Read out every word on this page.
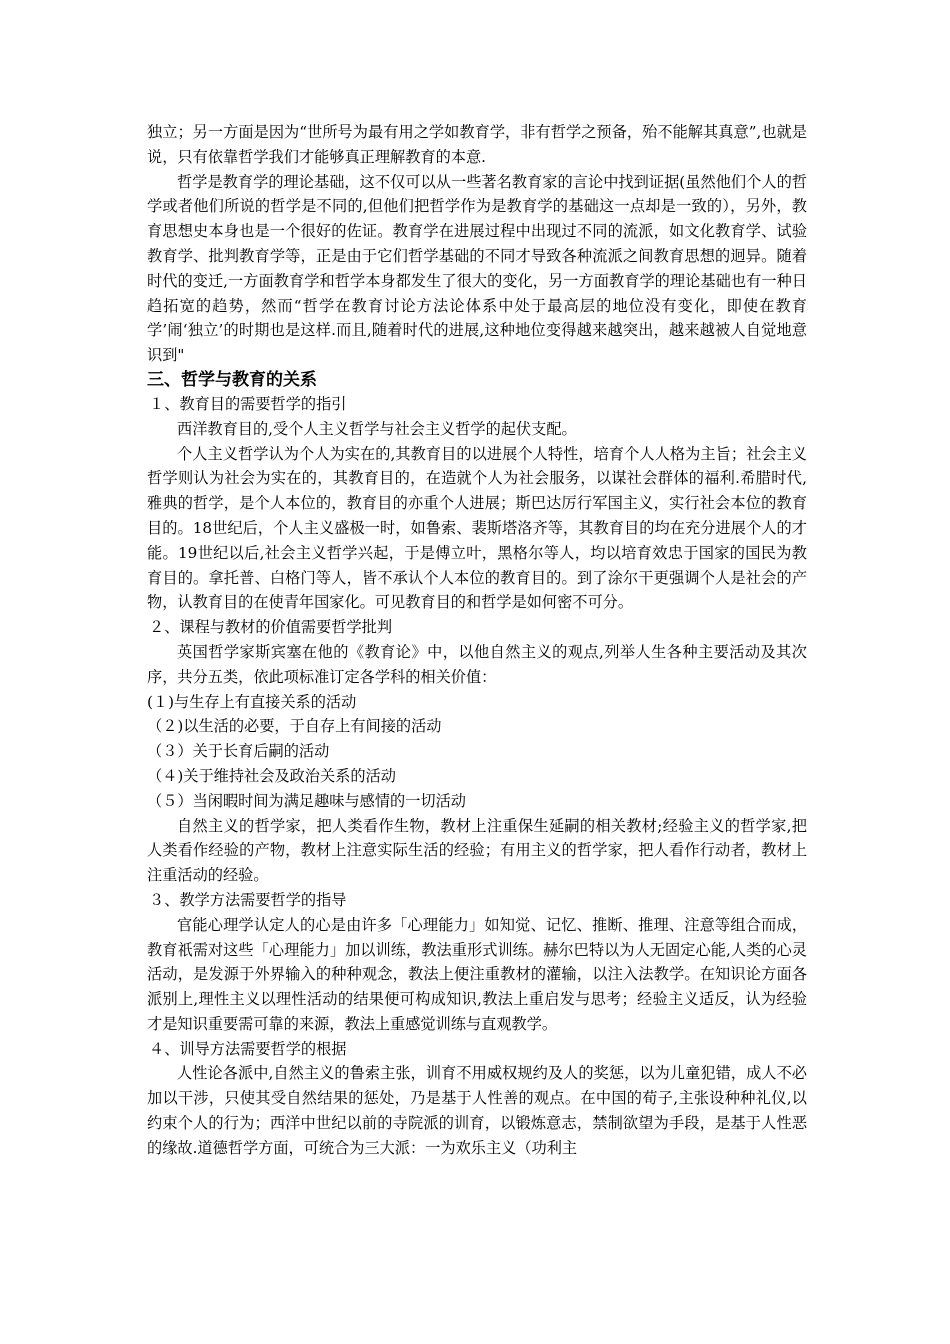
独立；另一方面是因为“世所号为最有用之学如教育学，非有哲学之预备，殆不能解其真意”,也就是说，只有依靠哲学我们才能够真正理解教育的本意.

哲学是教育学的理论基础，这不仅可以从一些著名教育家的言论中找到证据(虽然他们个人的哲学或者他们所说的哲学是不同的,但他们把哲学作为是教育学的基础这一点却是一致的），另外，教育思想史本身也是一个很好的佐证。教育学在进展过程中出现过不同的流派，如文化教育学、试验教育学、批判教育学等，正是由于它们哲学基础的不同才导致各种流派之间教育思想的迥异。随着时代的变迁,一方面教育学和哲学本身都发生了很大的变化，另一方面教育学的理论基础也有一种日趋拓宽的趋势，然而“哲学在教育讨论方法论体系中处于最高层的地位没有变化，即使在教育学’闹‘独立’的时期也是这样.而且,随着时代的进展,这种地位变得越来越突出，越来越被人自觉地意识到"

三、哲学与教育的关系

１、教育目的需要哲学的指引

西洋教育目的,受个人主义哲学与社会主义哲学的起伏支配。

个人主义哲学认为个人为实在的,其教育目的以进展个人特性，培育个人人格为主旨；社会主义哲学则认为社会为实在的，其教育目的，在造就个人为社会服务，以谋社会群体的福利.希腊时代,雅典的哲学，是个人本位的，教育目的亦重个人进展；斯巴达厉行军国主义，实行社会本位的教育目的。18世纪后，个人主义盛极一时，如鲁索、裴斯塔洛齐等，其教育目的均在充分进展个人的才能。19世纪以后,社会主义哲学兴起，于是傅立叶，黑格尔等人，均以培育效忠于国家的国民为教育目的。拿托普、白格门等人，皆不承认个人本位的教育目的。到了涂尔干更强调个人是社会的产物，认教育目的在使青年国家化。可见教育目的和哲学是如何密不可分。

２、课程与教材的价值需要哲学批判

英国哲学家斯宾塞在他的《教育论》中，以他自然主义的观点,列举人生各种主要活动及其次序，共分五类，依此项标准订定各学科的相关价值：

(１)与生存上有直接关系的活动

（２)以生活的必要，于自存上有间接的活动

（３）关于长育后嗣的活动

（４)关于维持社会及政治关系的活动

（５）当闲暇时间为满足趣味与感情的一切活动

自然主义的哲学家，把人类看作生物，教材上注重保生延嗣的相关教材;经验主义的哲学家,把人类看作经验的产物，教材上注意实际生活的经验；有用主义的哲学家，把人看作行动者，教材上注重活动的经验。

３、教学方法需要哲学的指导

官能心理学认定人的心是由许多「心理能力」如知觉、记忆、推断、推理、注意等组合而成，教育祇需对这些「心理能力」加以训练，教法重形式训练。赫尔巴特以为人无固定心能,人类的心灵活动，是发源于外界输入的种种观念，教法上便注重教材的灌输，以注入法教学。在知识论方面各派别上,理性主义以理性活动的结果便可构成知识,教法上重启发与思考；经验主义适反，认为经验才是知识重要需可靠的来源，教法上重感觉训练与直观教学。

４、训导方法需要哲学的根据

人性论各派中,自然主义的鲁索主张，训育不用威权规约及人的奖惩，以为儿童犯错，成人不必加以干涉，只使其受自然结果的惩处，乃是基于人性善的观点。在中国的荀子,主张设种种礼仪,以约束个人的行为；西洋中世纪以前的寺院派的训育，以锻炼意志，禁制欲望为手段，是基于人性恶的缘故.道德哲学方面，可统合为三大派：一为欢乐主义（功利主
